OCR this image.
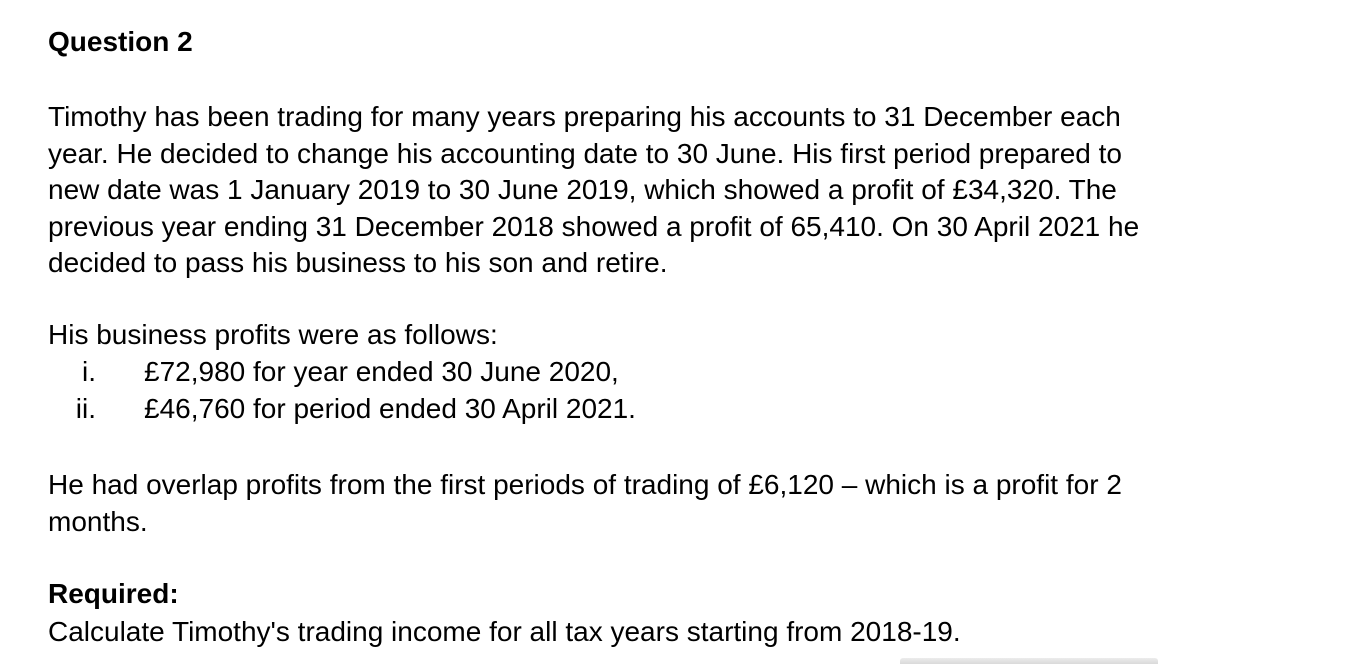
Question 2
Timothy has been trading for many years preparing his accounts to 31 December each
year. He decided to change his accounting date to 30 June. His first period prepared to
new date was 1 January 2019 to 30 June 2019, which showed a profit of £34,320. The
previous year ending 31 December 2018 showed a profit of 65,410. On 30 April 2021 he
decided to pass his business to his son and retire.
His business profits were as follows:
i. £72,980 for year ended 30 June 2020,
ii. £46,760 for period ended 30 April 2021.
He had overlap profits from the first periods of trading of £6,120 – which is a profit for 2
months.
Required:
Calculate Timothy's trading income for all tax years starting from 2018-19.
